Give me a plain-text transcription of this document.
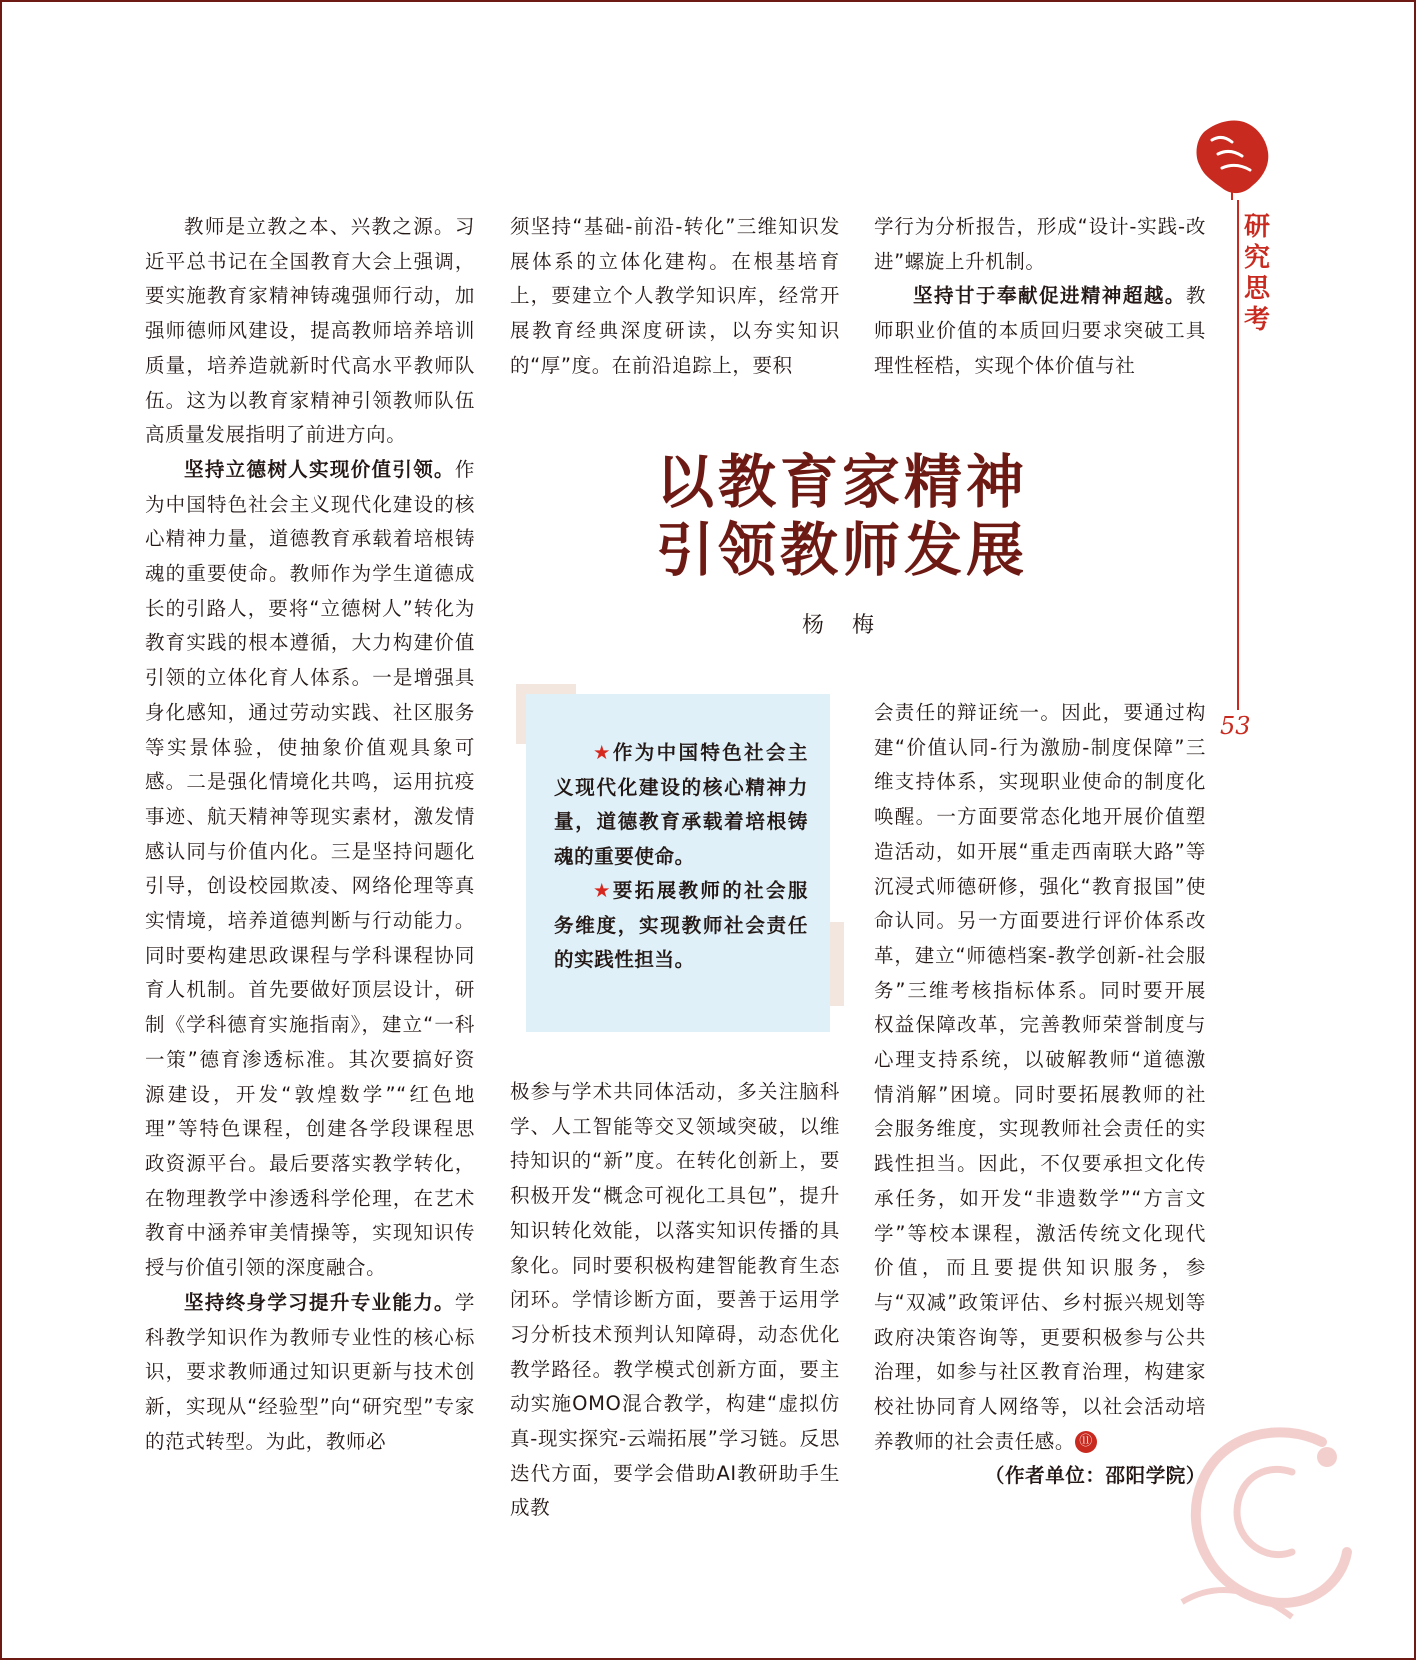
研
究
思
考
53

教师是立教之本、兴教之源。习近平总书记在全国教育大会上强调，要实施教育家精神铸魂强师行动，加强师德师风建设，提高教师培养培训质量，培养造就新时代高水平教师队伍。这为以教育家精神引领教师队伍高质量发展指明了前进方向。

坚持立德树人实现价值引领。作为中国特色社会主义现代化建设的核心精神力量，道德教育承载着培根铸魂的重要使命。教师作为学生道德成长的引路人，要将“立德树人”转化为教育实践的根本遵循，大力构建价值引领的立体化育人体系。一是增强具身化感知，通过劳动实践、社区服务等实景体验，使抽象价值观具象可感。二是强化情境化共鸣，运用抗疫事迹、航天精神等现实素材，激发情感认同与价值内化。三是坚持问题化引导，创设校园欺凌、网络伦理等真实情境，培养道德判断与行动能力。同时要构建思政课程与学科课程协同育人机制。首先要做好顶层设计，研制《学科德育实施指南》，建立“一科一策”德育渗透标准。其次要搞好资源建设，开发“敦煌数学”“红色地理”等特色课程，创建各学段课程思政资源平台。最后要落实教学转化，在物理教学中渗透科学伦理，在艺术教育中涵养审美情操等，实现知识传授与价值引领的深度融合。

坚持终身学习提升专业能力。学科教学知识作为教师专业性的核心标识，要求教师通过知识更新与技术创新，实现从“经验型”向“研究型”专家的范式转型。为此，教师必

须坚持“基础-前沿-转化”三维知识发展体系的立体化建构。在根基培育上，要建立个人教学知识库，经常开展教育经典深度研读，以夯实知识的“厚”度。在前沿追踪上，要积

学行为分析报告，形成“设计-实践-改进”螺旋上升机制。

坚持甘于奉献促进精神超越。教师职业价值的本质回归要求突破工具理性桎梏，实现个体价值与社

以教育家精神
引领教师发展
杨梅

★作为中国特色社会主义现代化建设的核心精神力量，道德教育承载着培根铸魂的重要使命。

★要拓展教师的社会服务维度，实现教师社会责任的实践性担当。

极参与学术共同体活动，多关注脑科学、人工智能等交叉领域突破，以维持知识的“新”度。在转化创新上，要积极开发“概念可视化工具包”，提升知识转化效能，以落实知识传播的具象化。同时要积极构建智能教育生态闭环。学情诊断方面，要善于运用学习分析技术预判认知障碍，动态优化教学路径。教学模式创新方面，要主动实施OMO混合教学，构建“虚拟仿真-现实探究-云端拓展”学习链。反思迭代方面，要学会借助AI教研助手生成教

会责任的辩证统一。因此，要通过构建“价值认同-行为激励-制度保障”三维支持体系，实现职业使命的制度化唤醒。一方面要常态化地开展价值塑造活动，如开展“重走西南联大路”等沉浸式师德研修，强化“教育报国”使命认同。另一方面要进行评价体系改革，建立“师德档案-教学创新-社会服务”三维考核指标体系。同时要开展权益保障改革，完善教师荣誉制度与心理支持系统，以破解教师“道德激情消解”困境。同时要拓展教师的社会服务维度，实现教师社会责任的实践性担当。因此，不仅要承担文化传承任务，如开发“非遗数学”“方言文学”等校本课程，激活传统文化现代价值，而且要提供知识服务，参与“双减”政策评估、乡村振兴规划等政府决策咨询等，更要积极参与公共治理，如参与社区教育治理，构建家校社协同育人网络等，以社会活动培养教师的社会责任感。 ⑪

（作者单位：邵阳学院）
